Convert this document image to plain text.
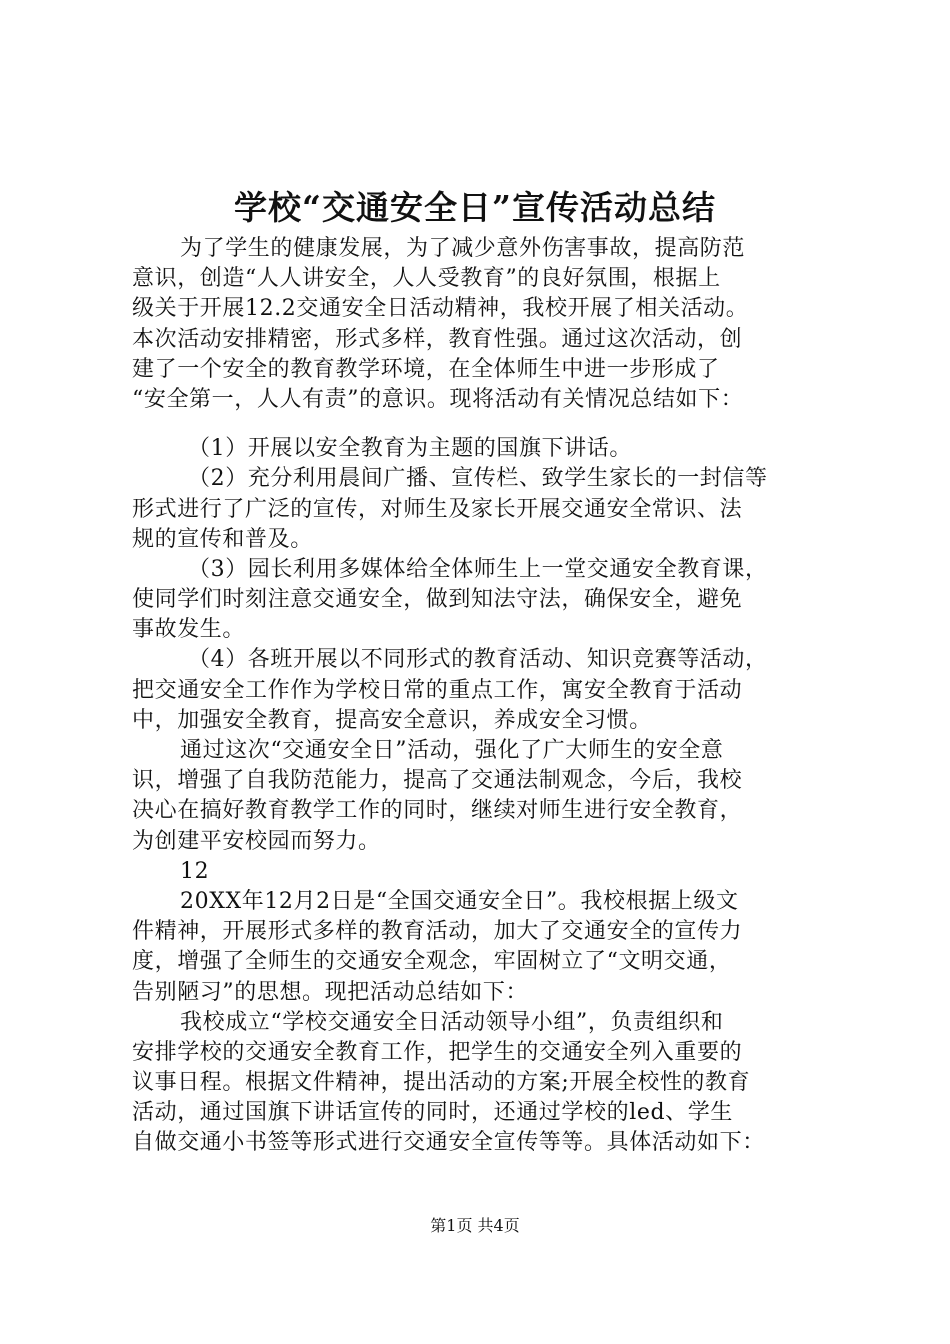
学校“交通安全日”宣传活动总结
为了学生的健康发展，为了减少意外伤害事故，提高防范
意识，创造“人人讲安全，人人受教育”的良好氛围，根据上
级关于开展12.2交通安全日活动精神，我校开展了相关活动。
本次活动安排精密，形式多样，教育性强。通过这次活动，创
建了一个安全的教育教学环境，在全体师生中进一步形成了
“安全第一，人人有责”的意识。现将活动有关情况总结如下：
（1）开展以安全教育为主题的国旗下讲话。
（2）充分利用晨间广播、宣传栏、致学生家长的一封信等
形式进行了广泛的宣传，对师生及家长开展交通安全常识、法
规的宣传和普及。
（3）园长利用多媒体给全体师生上一堂交通安全教育课，
使同学们时刻注意交通安全，做到知法守法，确保安全，避免
事故发生。
（4）各班开展以不同形式的教育活动、知识竞赛等活动，
把交通安全工作作为学校日常的重点工作，寓安全教育于活动
中，加强安全教育，提高安全意识，养成安全习惯。
通过这次“交通安全日”活动，强化了广大师生的安全意
识，增强了自我防范能力，提高了交通法制观念，今后，我校
决心在搞好教育教学工作的同时，继续对师生进行安全教育，
为创建平安校园而努力。
12
20XX年12月2日是“全国交通安全日”。我校根据上级文
件精神，开展形式多样的教育活动，加大了交通安全的宣传力
度，增强了全师生的交通安全观念，牢固树立了“文明交通，
告别陋习”的思想。现把活动总结如下：
我校成立“学校交通安全日活动领导小组”，负责组织和
安排学校的交通安全教育工作，把学生的交通安全列入重要的
议事日程。根据文件精神，提出活动的方案;开展全校性的教育
活动，通过国旗下讲话宣传的同时，还通过学校的led、学生
自做交通小书签等形式进行交通安全宣传等等。具体活动如下：
第1页 共4页
